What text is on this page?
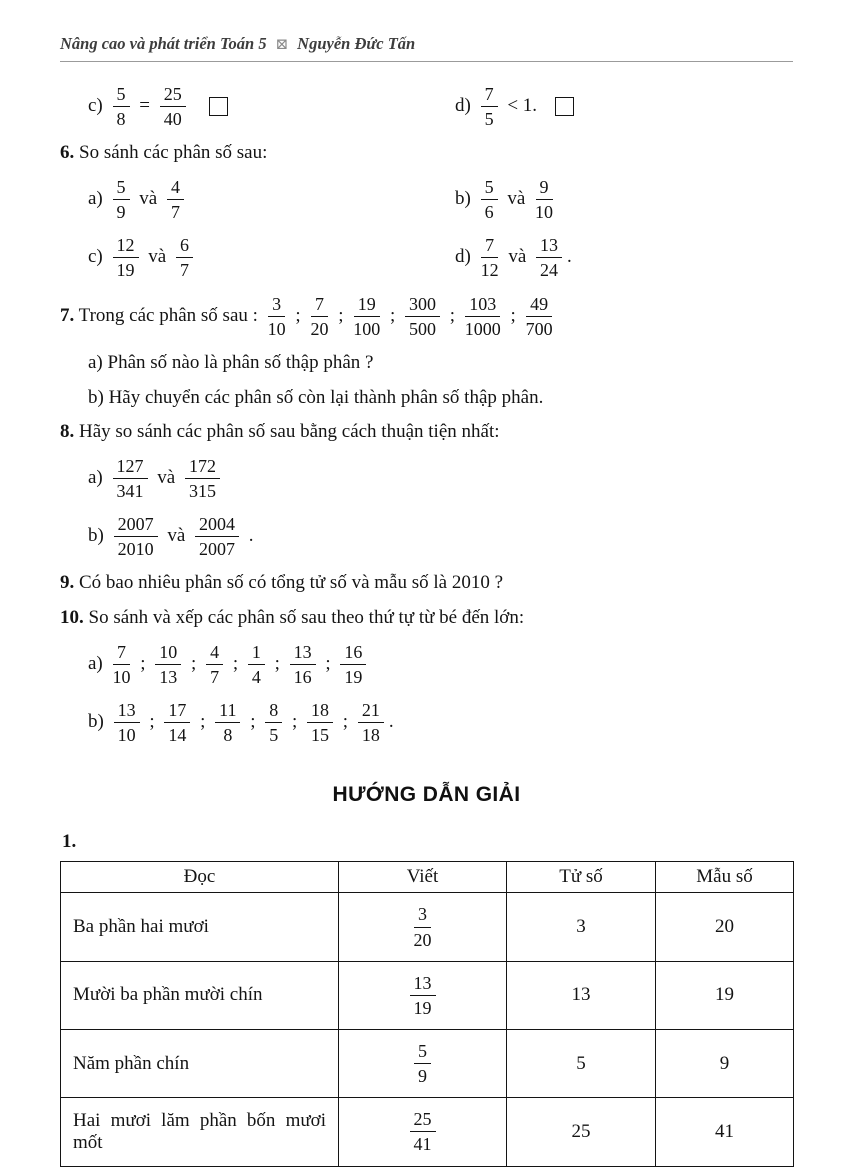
Nâng cao và phát triển Toán 5 ⊠ Nguyễn Đức Tấn
$c) \frac{5}{8} = \frac{25}{40}$	$d) \frac{7}{5} < 1$.
6. So sánh các phân số sau:
$a) \frac{5}{9}$ và $\frac{4}{7}$	$b) \frac{5}{6}$ và $\frac{9}{10}$
$c) \frac{12}{19}$ và $\frac{6}{7}$	$d) \frac{7}{12}$ và $\frac{13}{24}$ .
7. Trong các phân số sau : $\frac{3}{10}$ ; $\frac{7}{20}$ ; $\frac{19}{100}$ ; $\frac{300}{500}$ ; $\frac{103}{1000}$ ; $\frac{49}{700}$
a) Phân số nào là phân số thập phân ?
b) Hãy chuyển các phân số còn lại thành phân số thập phân.
8. Hãy so sánh các phân số sau bằng cách thuận tiện nhất:
$a) \frac{127}{341}$ và $\frac{172}{315}$
$b) \frac{2007}{2010}$ và $\frac{2004}{2007}$ .
9. Có bao nhiêu phân số có tổng tử số và mẫu số là 2010 ?
10. So sánh và xếp các phân số sau theo thứ tự từ bé đến lớn:
$a) \frac{7}{10}$ ; $\frac{10}{13}$ ; $\frac{4}{7}$ ; $\frac{1}{4}$ ; $\frac{13}{16}$ ; $\frac{16}{19}$
$b) \frac{13}{10}$ ; $\frac{17}{14}$ ; $\frac{11}{8}$ ; $\frac{8}{5}$ ; $\frac{18}{15}$ ; $\frac{21}{18}$ .
HƯỚNG DẪN GIẢI
1.
Đọc	Viết	Tử số	Mẫu số
Ba phần hai mươi	$\frac{3}{20}$	3	20
Mười ba phần mười chín	$\frac{13}{19}$	13	19
Năm phần chín	$\frac{5}{9}$	5	9
Hai mươi lăm phần bốn mươi mốt	$\frac{25}{41}$	25	41
